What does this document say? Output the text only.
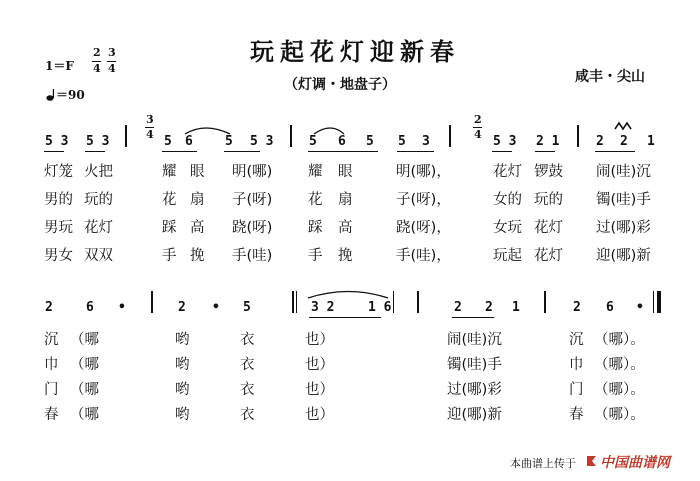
玩起花灯迎新春
（灯调・地盘子）	咸丰・尖山
1＝F
2
4
3
4
＝90
5 3 5 3
3
4 5 6 5 5 3	5 6 5 5 3
2
4 5 3 2 1	2 2 1
灯笼 火把	耀 眼 明(哪) 耀 眼	明(哪)，	花灯 锣鼓 闹(哇)沉
男的 玩的	花 扇 子(呀) 花 扇	子(呀)，	女的 玩的 镯(哇)手
男玩 花灯	踩 高 跷(呀) 踩 高	跷(呀)，	女玩 花灯 过(哪)彩
男女 双双	手 挽 手(哇) 手 挽	手(哇)，	玩起 花灯 迎(哪)新
2	6 •	2 • 5	3 2	1 6	2 2 1	2 6 •
沉 （哪	哟	衣	也）	闹(哇)沉	沉 （哪）。
巾 （哪	哟	衣	也）	镯(哇)手	巾 （哪）。
门 （哪	哟	衣	也）	过(哪)彩	门 （哪）。
春 （哪	哟	衣	也）	迎(哪)新	春 （哪）。
本曲谱上传于 中国曲谱网
